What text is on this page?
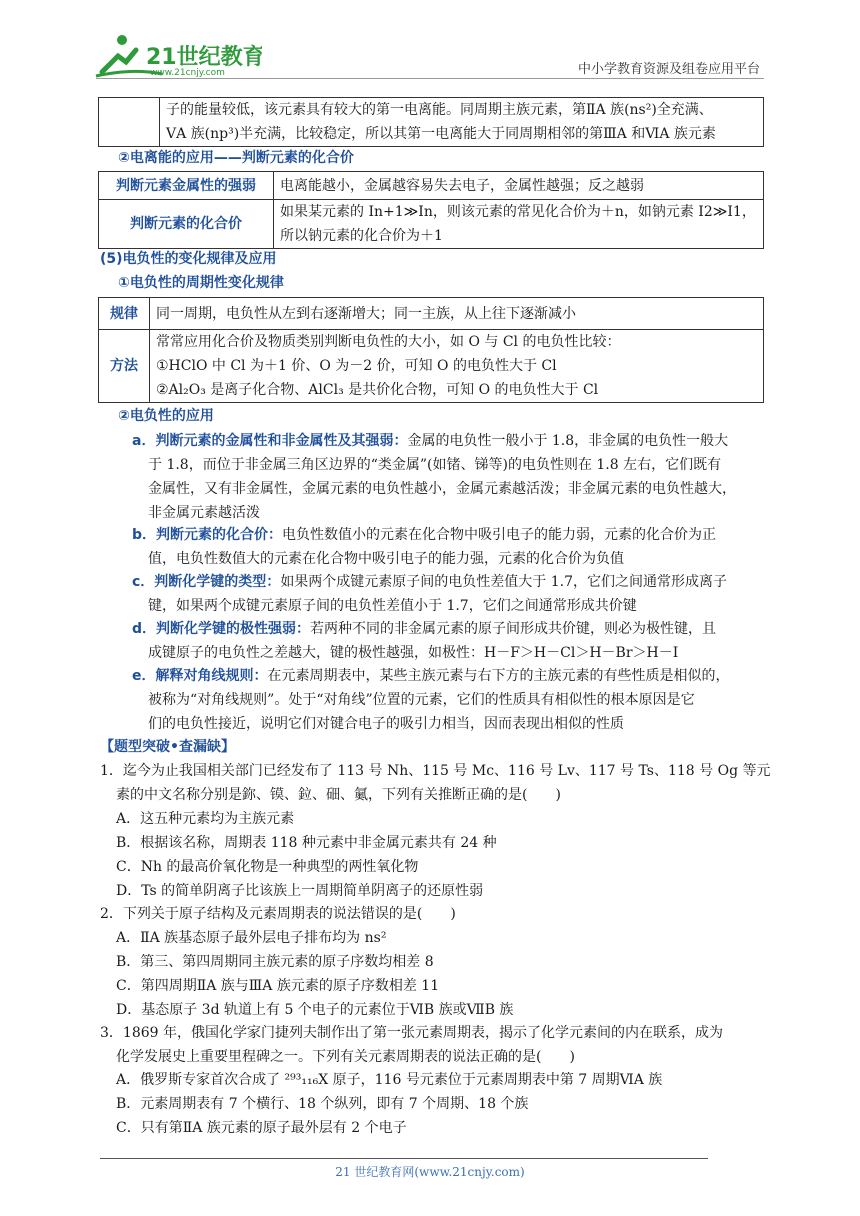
21世纪教育
www.21cnjy.com	中小学教育资源及组卷应用平台

子的能量较低，该元素具有较大的第一电离能。同周期主族元素，第ⅡA 族(ns²)全充满、
ⅤA 族(np³)半充满，比较稳定，所以其第一电离能大于同周期相邻的第ⅢA 和ⅥA 族元素
②电离能的应用——判断元素的化合价
判断元素金属性的强弱	电离能越小，金属越容易失去电子，金属性越强；反之越弱
判断元素的化合价	如果某元素的 In+1≫In，则该元素的常见化合价为＋n，如钠元素 I2≫I1，
所以钠元素的化合价为＋1
(5)电负性的变化规律及应用
①电负性的周期性变化规律
规律	同一周期，电负性从左到右逐渐增大；同一主族，从上往下逐渐减小
方法	常常应用化合价及物质类别判断电负性的大小，如 O 与 Cl 的电负性比较：
①HClO 中 Cl 为＋1 价、O 为－2 价，可知 O 的电负性大于 Cl
②Al₂O₃ 是离子化合物、AlCl₃ 是共价化合物，可知 O 的电负性大于 Cl
②电负性的应用
a．判断元素的金属性和非金属性及其强弱：金属的电负性一般小于 1.8，非金属的电负性一般大
于 1.8，而位于非金属三角区边界的“类金属”(如锗、锑等)的电负性则在 1.8 左右，它们既有
金属性，又有非金属性，金属元素的电负性越小，金属元素越活泼；非金属元素的电负性越大，
非金属元素越活泼
b．判断元素的化合价：电负性数值小的元素在化合物中吸引电子的能力弱，元素的化合价为正
值，电负性数值大的元素在化合物中吸引电子的能力强，元素的化合价为负值
c．判断化学键的类型：如果两个成键元素原子间的电负性差值大于 1.7，它们之间通常形成离子
键，如果两个成键元素原子间的电负性差值小于 1.7，它们之间通常形成共价键
d．判断化学键的极性强弱：若两种不同的非金属元素的原子间形成共价键，则必为极性键，且
成键原子的电负性之差越大，键的极性越强，如极性：H－F＞H－Cl＞H－Br＞H－I
e．解释对角线规则：在元素周期表中，某些主族元素与右下方的主族元素的有些性质是相似的，
被称为“对角线规则”。处于“对角线”位置的元素，它们的性质具有相似性的根本原因是它
们的电负性接近，说明它们对键合电子的吸引力相当，因而表现出相似的性质
【题型突破•查漏缺】
1．迄今为止我国相关部门已经发布了 113 号 Nh、115 号 Mc、116 号 Lv、117 号 Ts、118 号 Og 等元
素的中文名称分别是鉨、镆、鉝、鿬、鿫，下列有关推断正确的是(　　)
A．这五种元素均为主族元素
B．根据该名称，周期表 118 种元素中非金属元素共有 24 种
C．Nh 的最高价氧化物是一种典型的两性氧化物
D．Ts 的简单阴离子比该族上一周期简单阴离子的还原性弱
2．下列关于原子结构及元素周期表的说法错误的是(　　)
A．ⅡA 族基态原子最外层电子排布均为 ns²
B．第三、第四周期同主族元素的原子序数均相差 8
C．第四周期ⅡA 族与ⅢA 族元素的原子序数相差 11
D．基态原子 3d 轨道上有 5 个电子的元素位于ⅥB 族或ⅦB 族
3．1869 年，俄国化学家门捷列夫制作出了第一张元素周期表，揭示了化学元素间的内在联系，成为
化学发展史上重要里程碑之一。下列有关元素周期表的说法正确的是(　　)
A．俄罗斯专家首次合成了 ²⁹³₁₁₆X 原子，116 号元素位于元素周期表中第 7 周期ⅥA 族
B．元素周期表有 7 个横行、18 个纵列，即有 7 个周期、18 个族
C．只有第ⅡA 族元素的原子最外层有 2 个电子
21 世纪教育网(www.21cnjy.com)
